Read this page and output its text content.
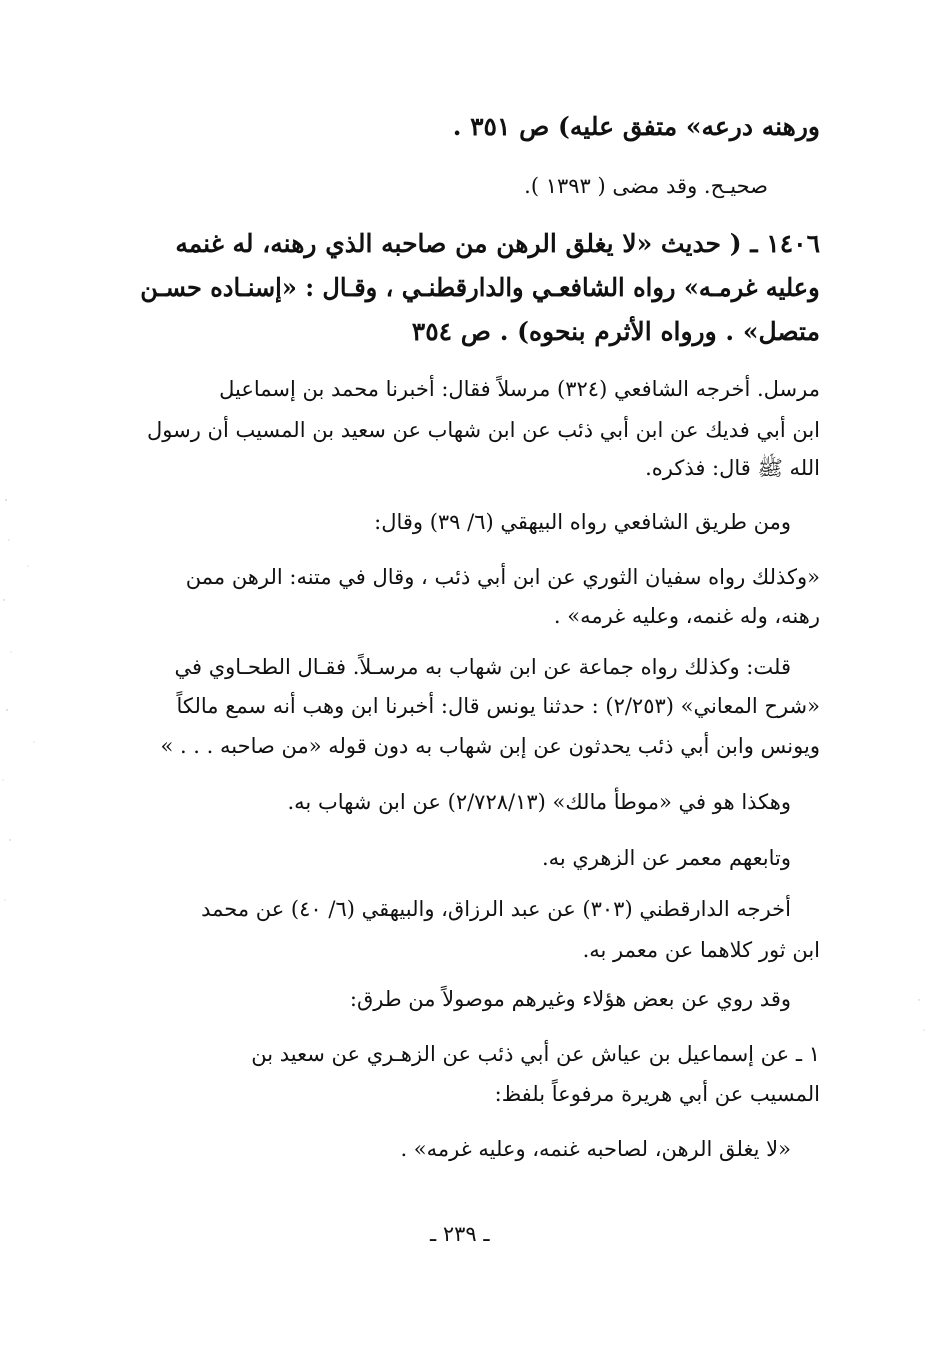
ورهنه درعه» متفق عليه) ص ٣٥١ .
صحيـح. وقد مضى ( ١٣٩٣ ).
١٤٠٦ ـ ( حديث «لا يغلق الرهن من صاحبه الذي رهنه، له غنمه
وعليه غرمـه» رواه الشافعـي والدارقطنـي ، وقـال : «إسنـاده حسـن
متصل» . ورواه الأثرم بنحوه) . ص ٣٥٤
مرسل. أخرجه الشافعي (٣٢٤) مرسلاً فقال: أخبرنا محمد بن إسماعيل
ابن أبي فديك عن ابن أبي ذئب عن ابن شهاب عن سعيد بن المسيب أن رسول
الله ﷺ قال: فذكره.
ومن طريق الشافعي رواه البيهقي (٦/ ٣٩) وقال:
«وكذلك رواه سفيان الثوري عن ابن أبي ذئب ، وقال في متنه: الرهن ممن
رهنه، وله غنمه، وعليه غرمه» .
قلت: وكذلك رواه جماعة عن ابن شهاب به مرسـلاً. فقـال الطحـاوي في
«شرح المعاني» (٢/٢٥٣) : حدثنا يونس قال: أخبرنا ابن وهب أنه سمع مالكاً
ويونس وابن أبي ذئب يحدثون عن إبن شهاب به دون قوله «من صاحبه . . . »
وهكذا هو في «موطأ مالك» (٢/٧٢٨/١٣) عن ابن شهاب به.
وتابعهم معمر عن الزهري به.
أخرجه الدارقطني (٣٠٣) عن عبد الرزاق، والبيهقي (٦/ ٤٠) عن محمد
ابن ثور كلاهما عن معمر به.
وقد روي عن بعض هؤلاء وغيرهم موصولاً من طرق:
١ ـ عن إسماعيل بن عياش عن أبي ذئب عن الزهـري عن سعيد بن
المسيب عن أبي هريرة مرفوعاً بلفظ:
«لا يغلق الرهن، لصاحبه غنمه، وعليه غرمه» .
ـ ٢٣٩ ـ
